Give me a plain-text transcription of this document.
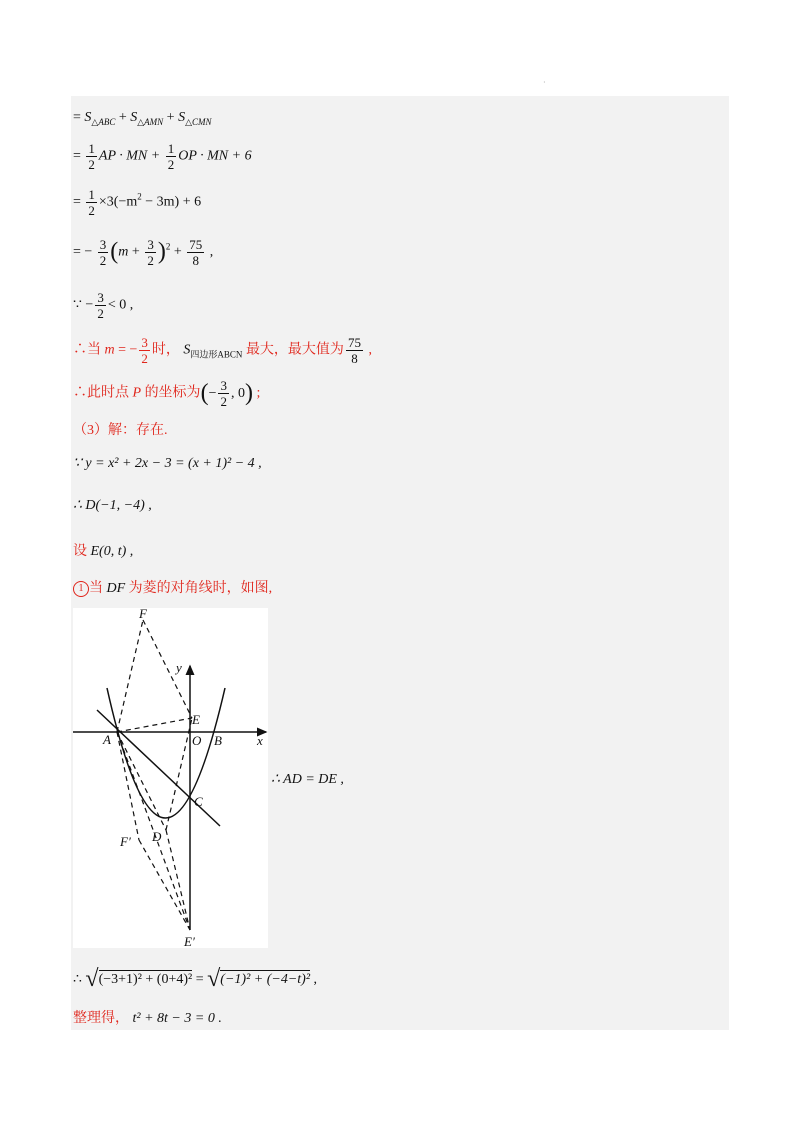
·
= $S_{\triangle ABC} + S_{\triangle AMN} + S_{\triangle CMN}$
= $\frac{1}{2}$ AP · MN + $\frac{1}{2}$ OP · MN + 6
= $\frac{1}{2} \times 3(-m^2 - 3m) + 6$
= − $\frac{3}{2} (m + \frac{3}{2} )^2 + \frac{75}{8}$ ,
∵ − $\frac{3}{2} < 0$ ,
∴当 m = − $\frac{3}{2}$ 时， $S_{四边形ABCN}$ 最大，最大值为 $\frac{75}{8}$ ,
∴此时点 P 的坐标为(− $\frac{3}{2}$ , 0) ;
（3）解：存在.
∵ y = x² + 2x − 3 = (x + 1)² − 4 ,
∴ D(−1, −4) ,
设 E(0, t) ,
1 当 DF 为菱的对角线时，如图,
F
y
E
A	O B	x
C
D
F′
E′
∴ AD = DE ,
∴ √(−3+1)² + (0+4)² = √(−1)² + (−4−t)² ,
整理得， t² + 8t − 3 = 0 .
